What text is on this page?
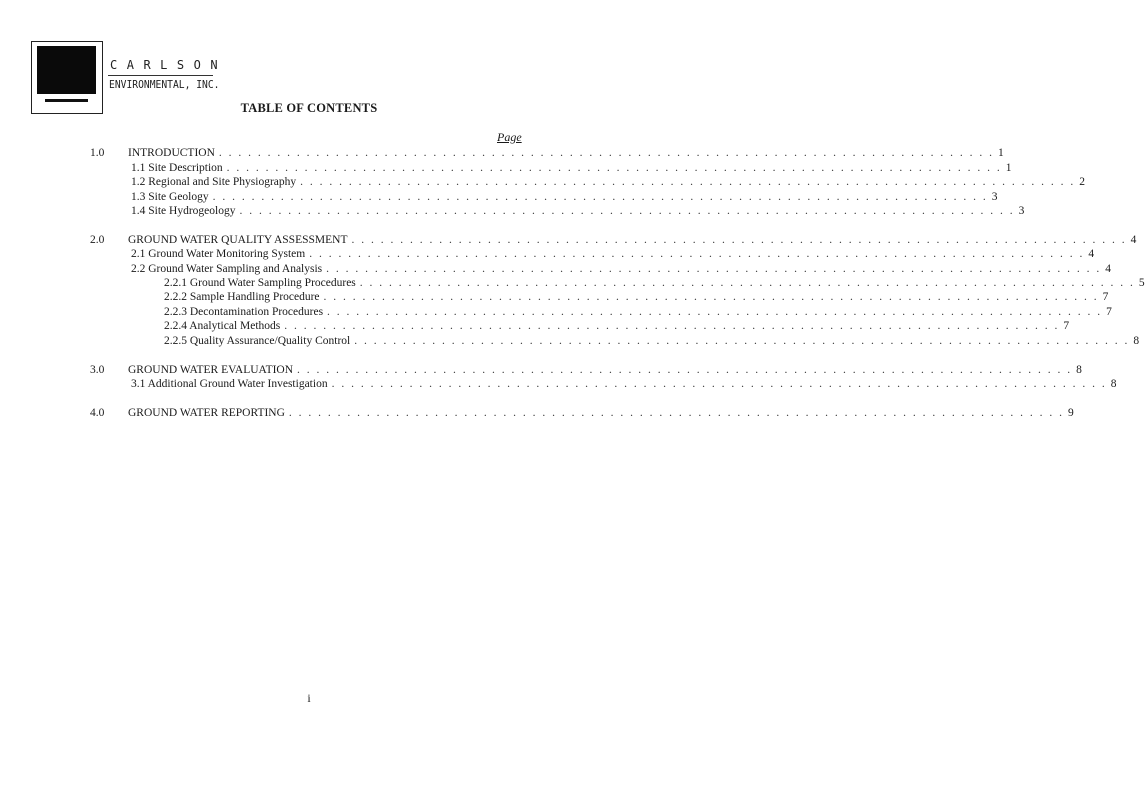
CARLSON
ENVIRONMENTAL, INC.
TABLE OF CONTENTS
Page
1.0 INTRODUCTION . . . . . . . . . . . . . . . . . . . . . . . . . . . . . . . . . . . . . . . . . . . . . . . . . . . . . . . . . . . . . . . . . . . . . . . . . . . . . . . . 1
1.1 Site Description . . . . . . . . . . . . . . . . . . . . . . . . . . . . . . . . . . . . . . . . . . . . . . . . . . . . . . . . . . . . . . . . . . . . . . . . . . . . . . . . 1
1.2 Regional and Site Physiography . . . . . . . . . . . . . . . . . . . . . . . . . . . . . . . . . . . . . . . . . . . . . . . . . . . . . . . . . . . . . . . . . . . . . . . . . . . . . . . . 2
1.3 Site Geology . . . . . . . . . . . . . . . . . . . . . . . . . . . . . . . . . . . . . . . . . . . . . . . . . . . . . . . . . . . . . . . . . . . . . . . . . . . . . . . . 3
1.4 Site Hydrogeology . . . . . . . . . . . . . . . . . . . . . . . . . . . . . . . . . . . . . . . . . . . . . . . . . . . . . . . . . . . . . . . . . . . . . . . . . . . . . . . . 3
2.0 GROUND WATER QUALITY ASSESSMENT . . . . . . . . . . . . . . . . . . . . . . . . . . . . . . . . . . . . . . . . . . . . . . . . . . . . . . . . . . . . . . . . . . . . . . . . . . . . . . . . 4
2.1 Ground Water Monitoring System . . . . . . . . . . . . . . . . . . . . . . . . . . . . . . . . . . . . . . . . . . . . . . . . . . . . . . . . . . . . . . . . . . . . . . . . . . . . . . . . 4
2.2 Ground Water Sampling and Analysis . . . . . . . . . . . . . . . . . . . . . . . . . . . . . . . . . . . . . . . . . . . . . . . . . . . . . . . . . . . . . . . . . . . . . . . . . . . . . . . . 4
2.2.1 Ground Water Sampling Procedures . . . . . . . . . . . . . . . . . . . . . . . . . . . . . . . . . . . . . . . . . . . . . . . . . . . . . . . . . . . . . . . . . . . . . . . . . . . . . . . . 5
2.2.2 Sample Handling Procedure . . . . . . . . . . . . . . . . . . . . . . . . . . . . . . . . . . . . . . . . . . . . . . . . . . . . . . . . . . . . . . . . . . . . . . . . . . . . . . . . 7
2.2.3 Decontamination Procedures . . . . . . . . . . . . . . . . . . . . . . . . . . . . . . . . . . . . . . . . . . . . . . . . . . . . . . . . . . . . . . . . . . . . . . . . . . . . . . . . 7
2.2.4 Analytical Methods . . . . . . . . . . . . . . . . . . . . . . . . . . . . . . . . . . . . . . . . . . . . . . . . . . . . . . . . . . . . . . . . . . . . . . . . . . . . . . . . 7
2.2.5 Quality Assurance/Quality Control . . . . . . . . . . . . . . . . . . . . . . . . . . . . . . . . . . . . . . . . . . . . . . . . . . . . . . . . . . . . . . . . . . . . . . . . . . . . . . . . 8
3.0 GROUND WATER EVALUATION . . . . . . . . . . . . . . . . . . . . . . . . . . . . . . . . . . . . . . . . . . . . . . . . . . . . . . . . . . . . . . . . . . . . . . . . . . . . . . . . 8
3.1 Additional Ground Water Investigation . . . . . . . . . . . . . . . . . . . . . . . . . . . . . . . . . . . . . . . . . . . . . . . . . . . . . . . . . . . . . . . . . . . . . . . . . . . . . . . . 8
4.0 GROUND WATER REPORTING . . . . . . . . . . . . . . . . . . . . . . . . . . . . . . . . . . . . . . . . . . . . . . . . . . . . . . . . . . . . . . . . . . . . . . . . . . . . . . . . 9
i
